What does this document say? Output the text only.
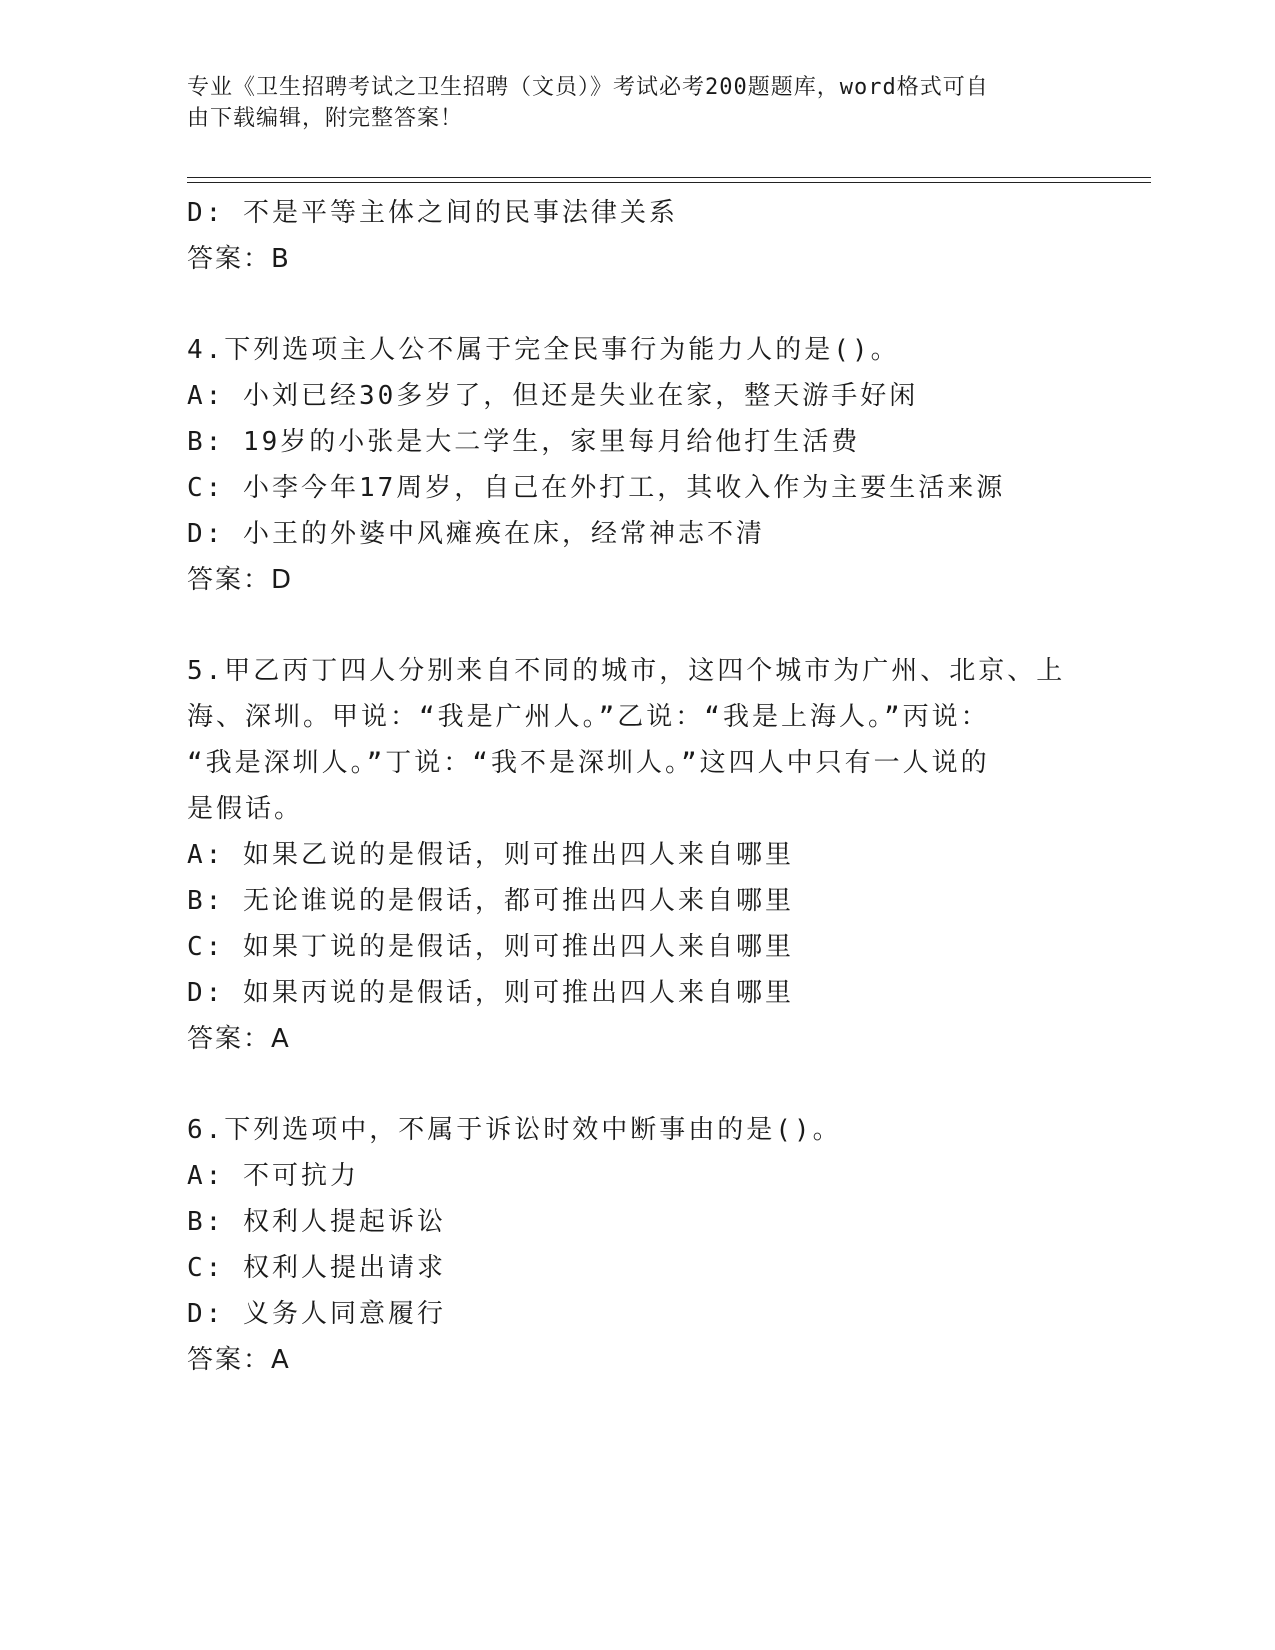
专业《卫生招聘考试之卫生招聘（文员）》考试必考200题题库，word格式可自
由下载编辑，附完整答案！
D: 不是平等主体之间的民事法律关系
答案：B
4.下列选项主人公不属于完全民事行为能力人的是()。
A: 小刘已经30多岁了，但还是失业在家，整天游手好闲
B: 19岁的小张是大二学生，家里每月给他打生活费
C: 小李今年17周岁，自己在外打工，其收入作为主要生活来源
D: 小王的外婆中风瘫痪在床，经常神志不清
答案：D
5.甲乙丙丁四人分别来自不同的城市，这四个城市为广州、北京、上
海、深圳。甲说：“我是广州人。”乙说：“我是上海人。”丙说：
“我是深圳人。”丁说：“我不是深圳人。”这四人中只有一人说的
是假话。
A: 如果乙说的是假话，则可推出四人来自哪里
B: 无论谁说的是假话，都可推出四人来自哪里
C: 如果丁说的是假话，则可推出四人来自哪里
D: 如果丙说的是假话，则可推出四人来自哪里
答案：A
6.下列选项中，不属于诉讼时效中断事由的是()。
A: 不可抗力
B: 权利人提起诉讼
C: 权利人提出请求
D: 义务人同意履行
答案：A
